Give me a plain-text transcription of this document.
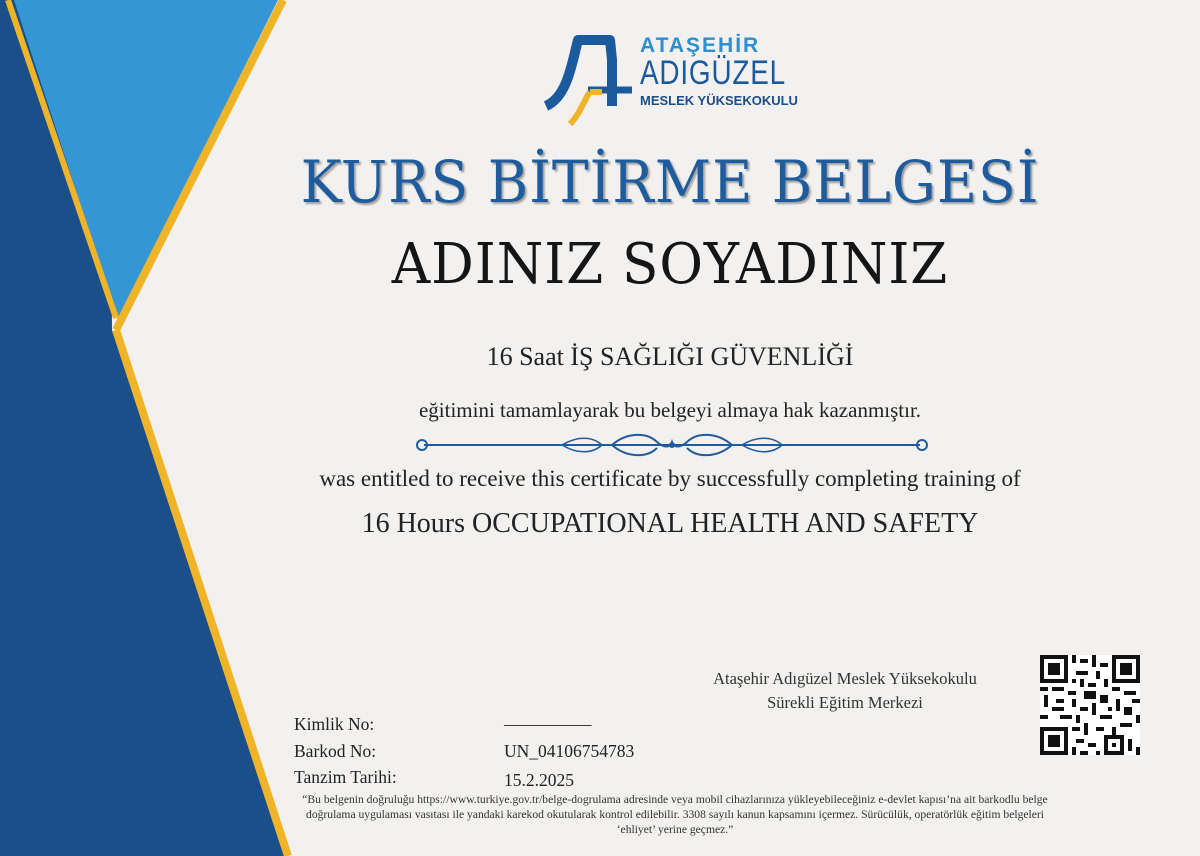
ATAŞEHİR
ADIGÜZEL
MESLEK YÜKSEKOKULU
KURS BİTİRME BELGESİ
ADINIZ SOYADINIZ
16 Saat İŞ SAĞLIĞI GÜVENLİĞİ
eğitimini tamamlayarak bu belgeyi almaya hak kazanmıştır.
was entitled to receive this certificate by successfully completing training of
16 Hours OCCUPATIONAL HEALTH AND SAFETY
Ataşehir Adıgüzel Meslek Yüksekokulu
Sürekli Eğitim Merkezi
Kimlik No:	—————
Barkod No:	UN_04106754783
Tanzim Tarihi:	15.2.2025
“Bu belgenin doğruluğu https://www.turkiye.gov.tr/belge-dogrulama adresinde veya mobil cihazlarınıza yükleyebileceğiniz e-devlet kapısı’na ait barkodlu belge doğrulama uygulaması vasıtası ile yandaki karekod okutularak kontrol edilebilir. 3308 sayılı kanun kapsamını içermez. Sürücülük, operatörlük eğitim belgeleri ‘ehliyet’ yerine geçmez.”
